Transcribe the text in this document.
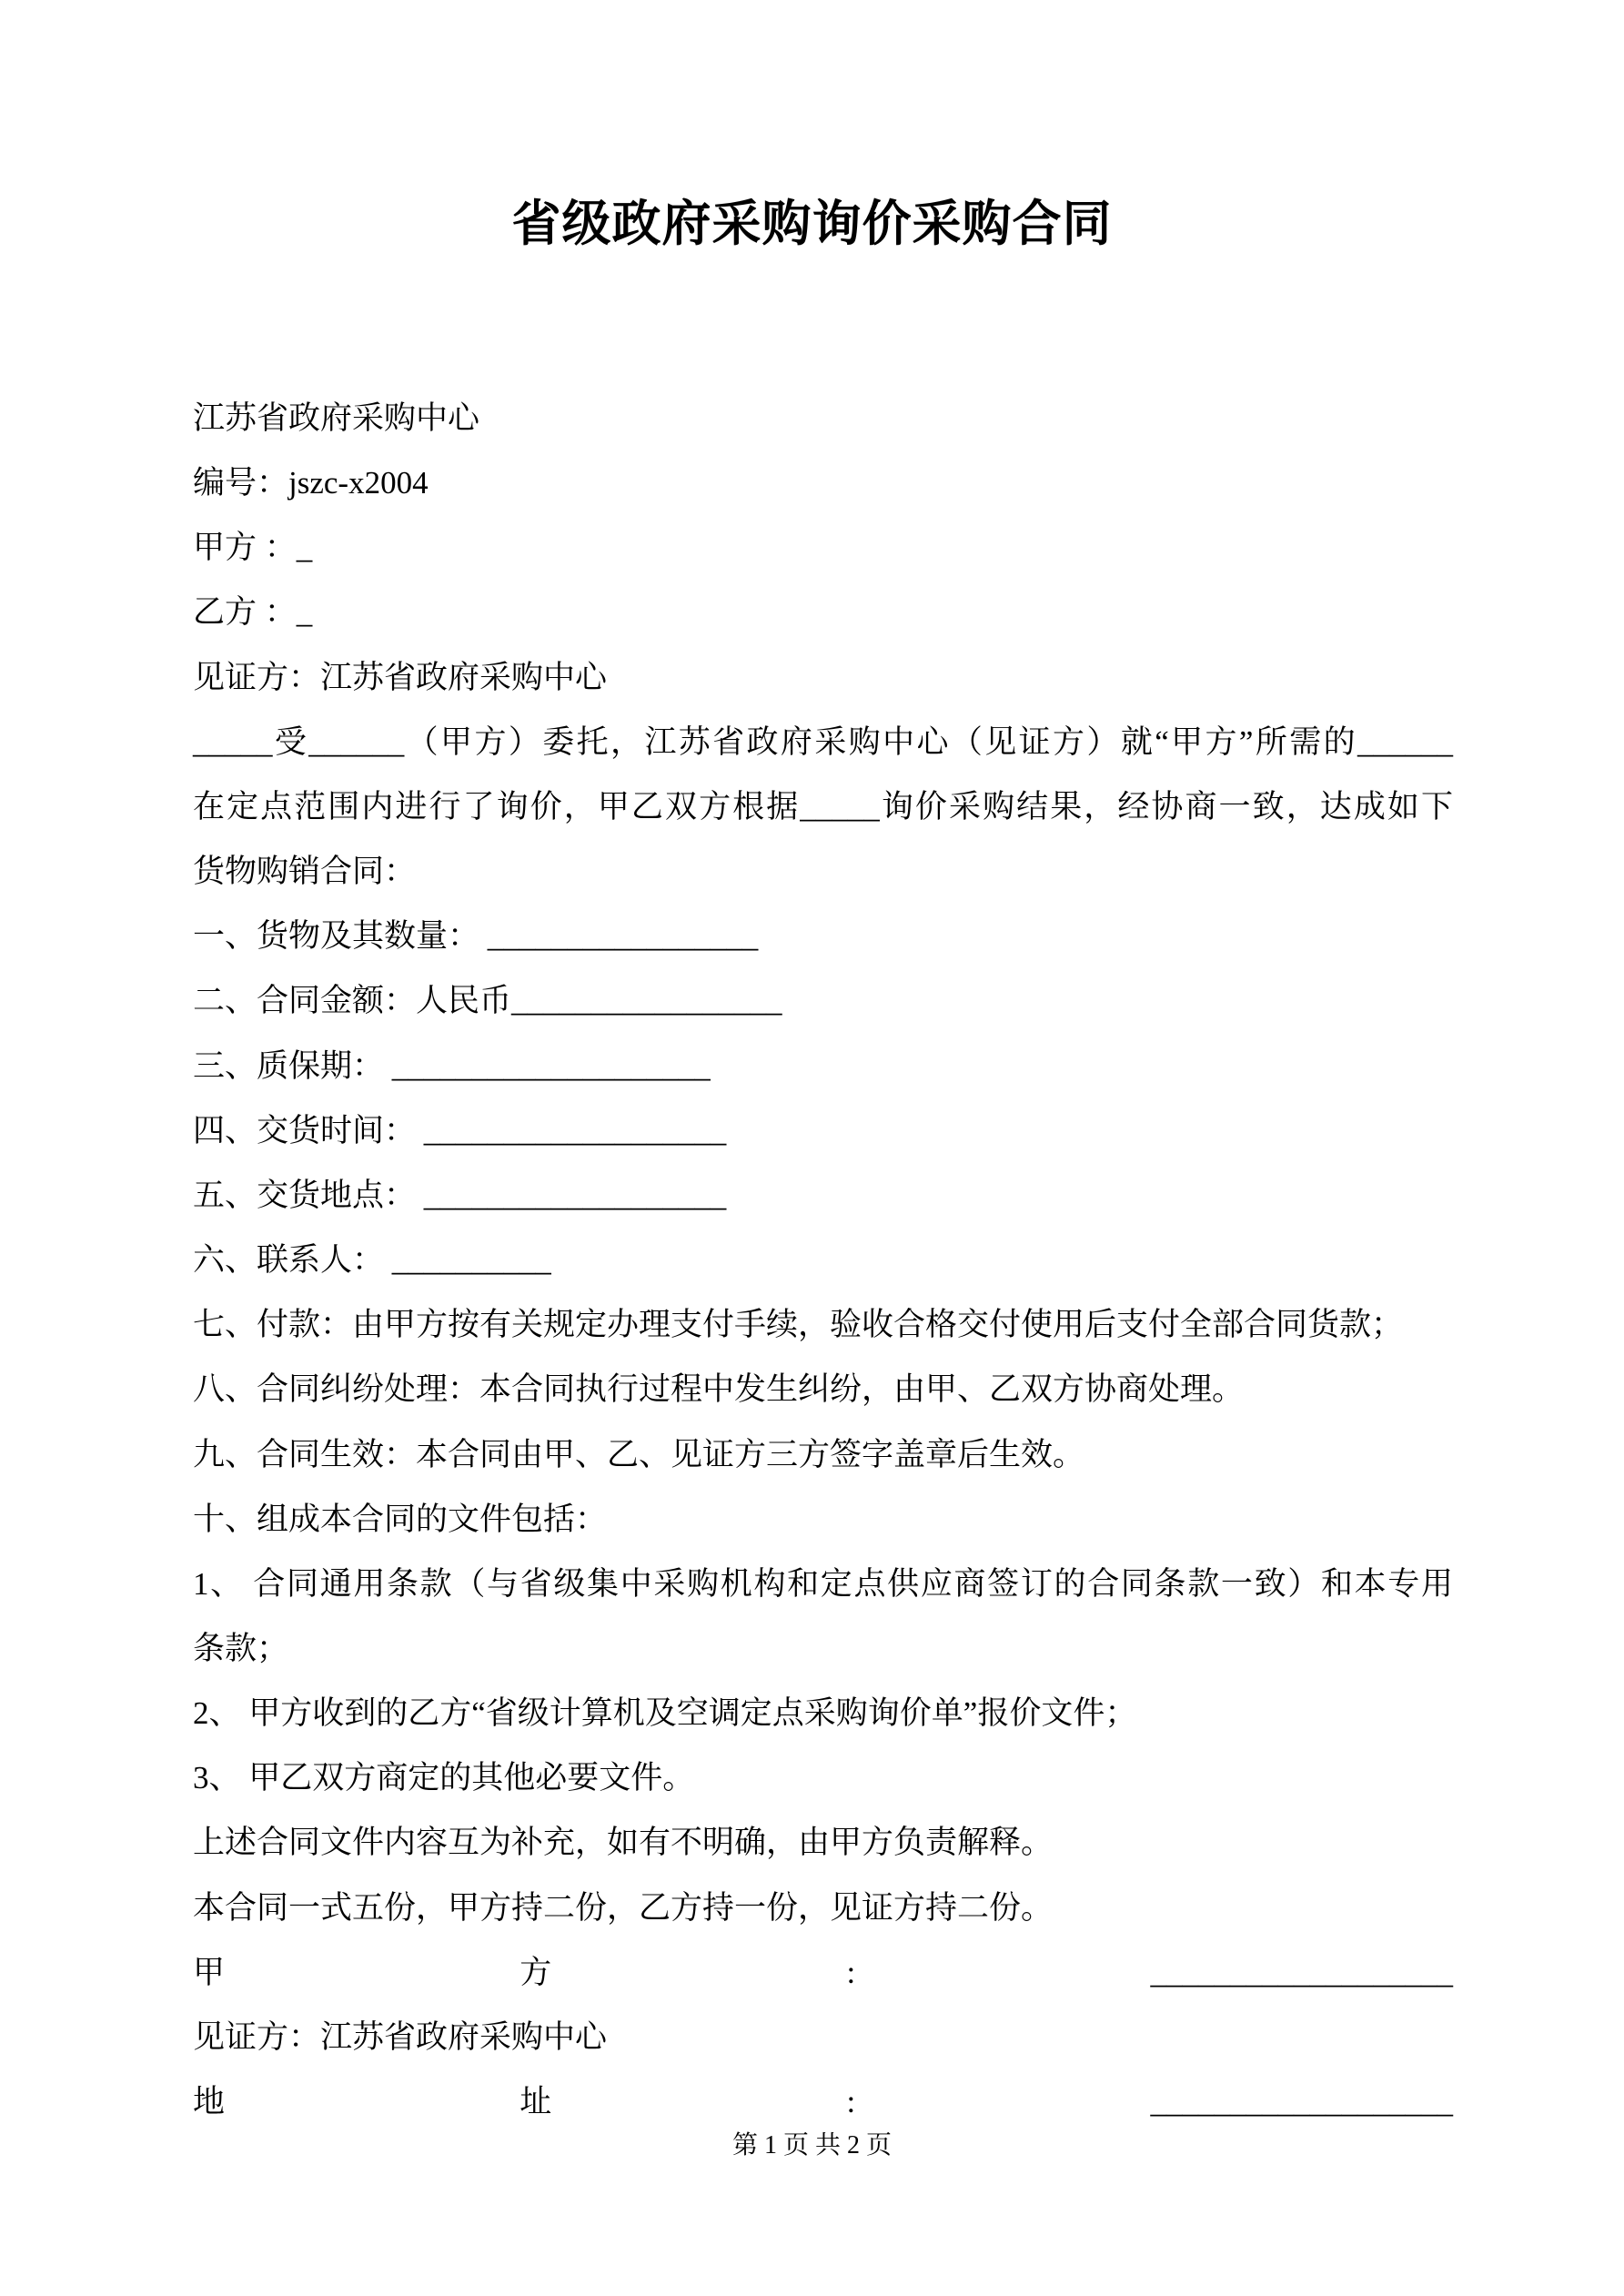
省级政府采购询价采购合同
江苏省政府采购中心
编号：jszc-x2004
甲方 ：_
乙方 ：_
见证方：江苏省政府采购中心
_____受______（甲方）委托，江苏省政府采购中心（见证方）就“甲方”所需的______
在定点范围内进行了询价，甲乙双方根据_____询价采购结果，经协商一致，达成如下
货物购销合同：
一、货物及其数量： _________________
二、合同金额：人民币_________________
三、质保期： ____________________
四、交货时间： ___________________
五、交货地点： ___________________
六、联系人： __________
七、付款：由甲方按有关规定办理支付手续，验收合格交付使用后支付全部合同货款；
八、合同纠纷处理：本合同执行过程中发生纠纷，由甲、乙双方协商处理。
九、合同生效：本合同由甲、乙、见证方三方签字盖章后生效。
十、组成本合同的文件包括：
1、 合同通用条款（与省级集中采购机构和定点供应商签订的合同条款一致）和本专用
条款；
2、 甲方收到的乙方“省级计算机及空调定点采购询价单”报价文件；
3、 甲乙双方商定的其他必要文件。
上述合同文件内容互为补充，如有不明确，由甲方负责解释。
本合同一式五份，甲方持二份，乙方持一份，见证方持二份。
甲	方	:	___________________
见证方：江苏省政府采购中心
地	址	:	___________________
第 1 页 共 2 页
